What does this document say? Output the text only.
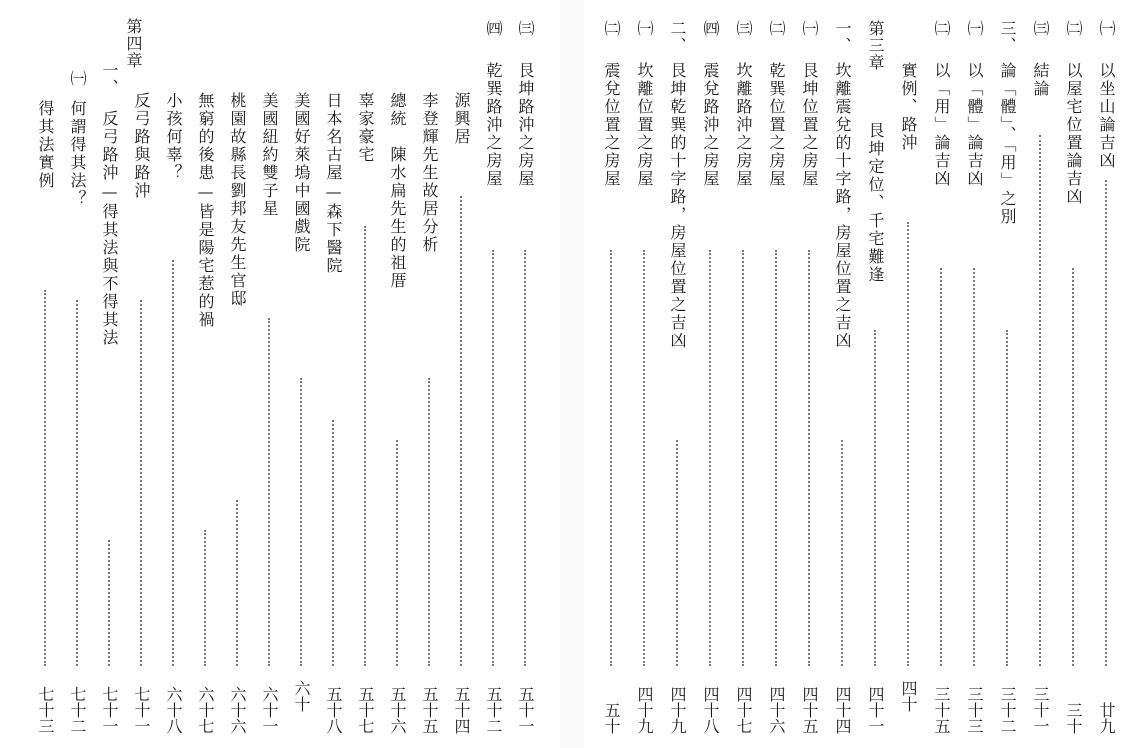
㈠
以坐山論吉凶
廿九
㈡
以屋宅位置論吉凶
三十
㈢
結論
三十一
三、
論「體」、「用」之別
三十二
㈠
以「體」論吉凶
三十三
㈡
以「用」論吉凶
三十五
實例、路沖
四十
第三章
艮坤定位、千宅難逢
四十一
一、
坎離震兌的十字路，房屋位置之吉凶
四十四
㈠
艮坤位置之房屋
四十五
㈡
乾巽位置之房屋
四十六
㈢
坎離路沖之房屋
四十七
㈣
震兌路沖之房屋
四十八
二、
艮坤乾巽的十字路，房屋位置之吉凶
四十九
㈠
坎離位置之房屋
四十九
㈡
震兌位置之房屋
五十
㈢
艮坤路沖之房屋
五十一
㈣
乾巽路沖之房屋
五十二
源興居
五十四
李登輝先生故居分析
五十五
總統　陳水扁先生的祖厝
五十六
辜家豪宅
五十七
日本名古屋—森下醫院
五十八
美國好萊塢中國戲院
六十
美國紐約雙子星
六十一
桃園故縣長劉邦友先生官邸
六十六
無窮的後患—皆是陽宅惹的禍
六十七
小孩何辜？
六十八
反弓路與路沖
七十一
第四章
一、
反弓路沖—得其法與不得其法
七十一
㈠
何謂得其法？
七十二
得其法實例
七十三
